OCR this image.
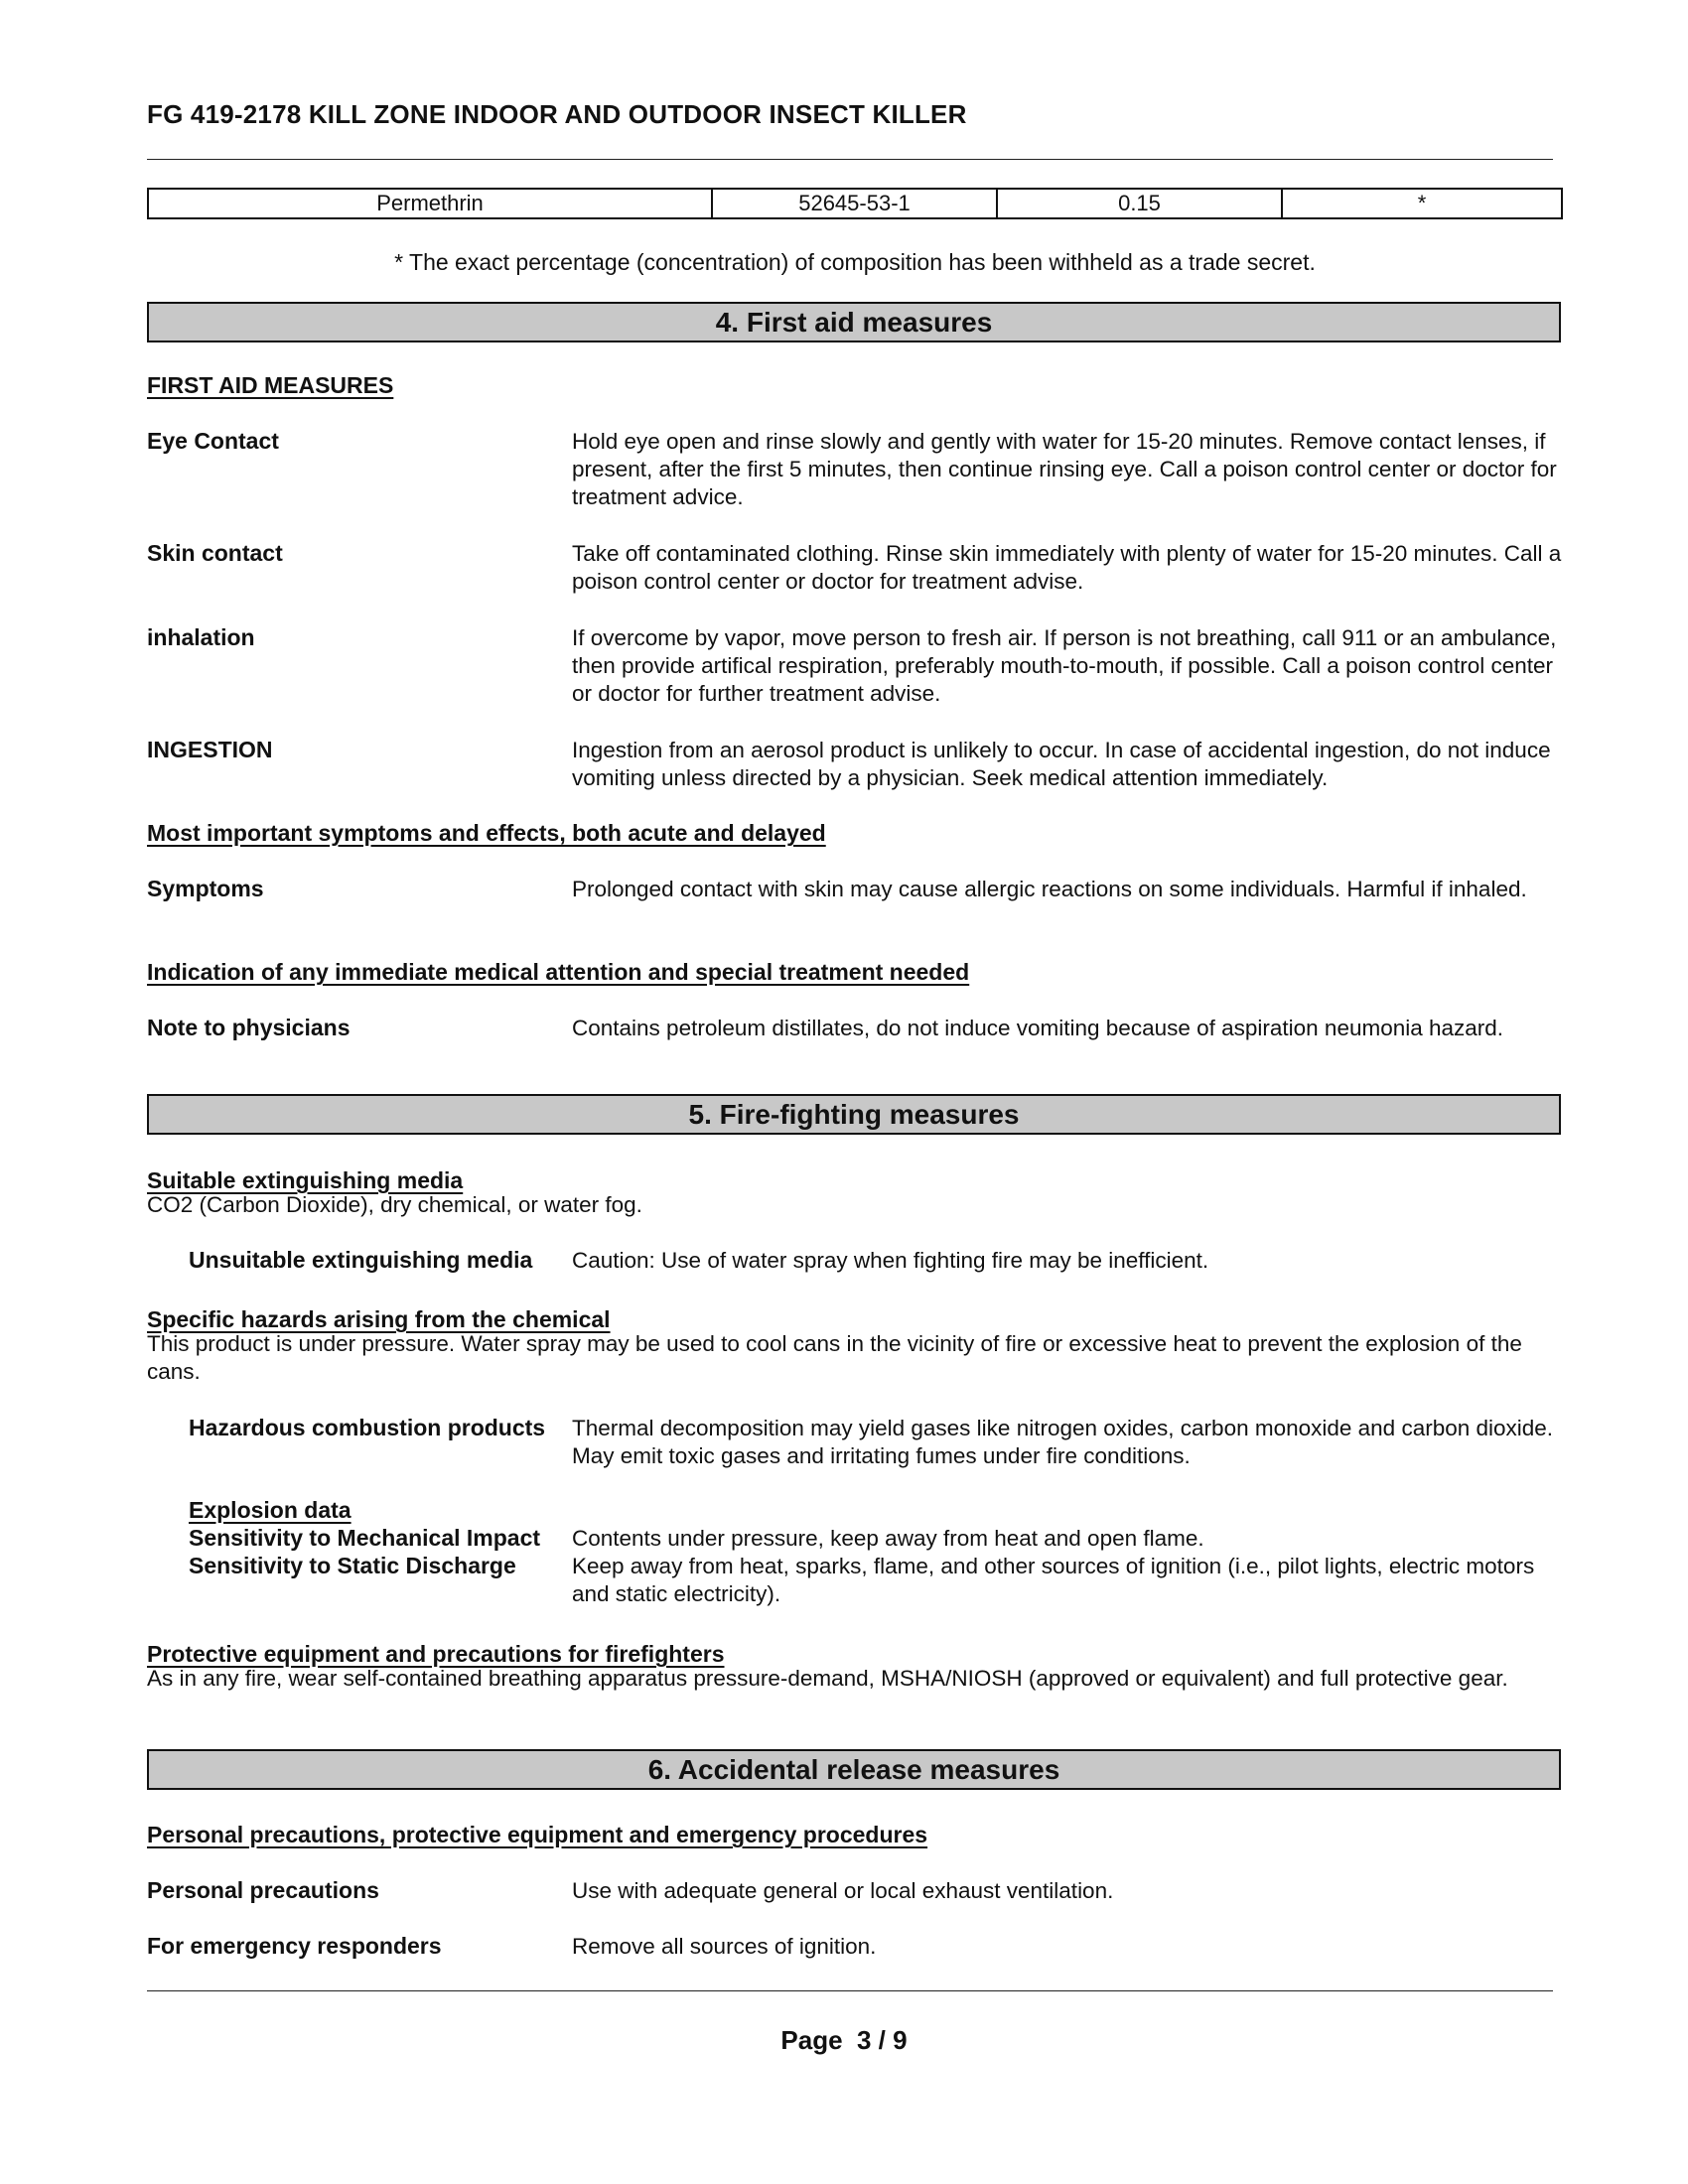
FG 419-2178 KILL ZONE INDOOR AND OUTDOOR INSECT KILLER
Permethrin	52645-53-1	0.15	*
* The exact percentage (concentration) of composition has been withheld as a trade secret.
4. First aid measures
FIRST AID MEASURES
Eye Contact	Hold eye open and rinse slowly and gently with water for 15-20 minutes. Remove contact lenses, if present, after the first 5 minutes, then continue rinsing eye. Call a poison control center or doctor for treatment advice.
Skin contact	Take off contaminated clothing. Rinse skin immediately with plenty of water for 15-20 minutes. Call a poison control center or doctor for treatment advise.
inhalation	If overcome by vapor, move person to fresh air. If person is not breathing, call 911 or an ambulance, then provide artifical respiration, preferably mouth-to-mouth, if possible. Call a poison control center or doctor for further treatment advise.
INGESTION	Ingestion from an aerosol product is unlikely to occur. In case of accidental ingestion, do not induce vomiting unless directed by a physician. Seek medical attention immediately.
Most important symptoms and effects, both acute and delayed
Symptoms	Prolonged contact with skin may cause allergic reactions on some individuals. Harmful if inhaled.
Indication of any immediate medical attention and special treatment needed
Note to physicians	Contains petroleum distillates, do not induce vomiting because of aspiration neumonia hazard.
5. Fire-fighting measures
Suitable extinguishing media
CO2 (Carbon Dioxide), dry chemical, or water fog.
Unsuitable extinguishing media Caution: Use of water spray when fighting fire may be inefficient.
Specific hazards arising from the chemical
This product is under pressure. Water spray may be used to cool cans in the vicinity of fire or excessive heat to prevent the explosion of the cans.
Hazardous combustion products Thermal decomposition may yield gases like nitrogen oxides, carbon monoxide and carbon dioxide. May emit toxic gases and irritating fumes under fire conditions.
Explosion data
Sensitivity to Mechanical Impact Contents under pressure, keep away from heat and open flame.
Sensitivity to Static Discharge Keep away from heat, sparks, flame, and other sources of ignition (i.e., pilot lights, electric motors and static electricity).
Protective equipment and precautions for firefighters
As in any fire, wear self-contained breathing apparatus pressure-demand, MSHA/NIOSH (approved or equivalent) and full protective gear.
6. Accidental release measures
Personal precautions, protective equipment and emergency procedures
Personal precautions	Use with adequate general or local exhaust ventilation.
For emergency responders	Remove all sources of ignition.
Page  3 / 9
